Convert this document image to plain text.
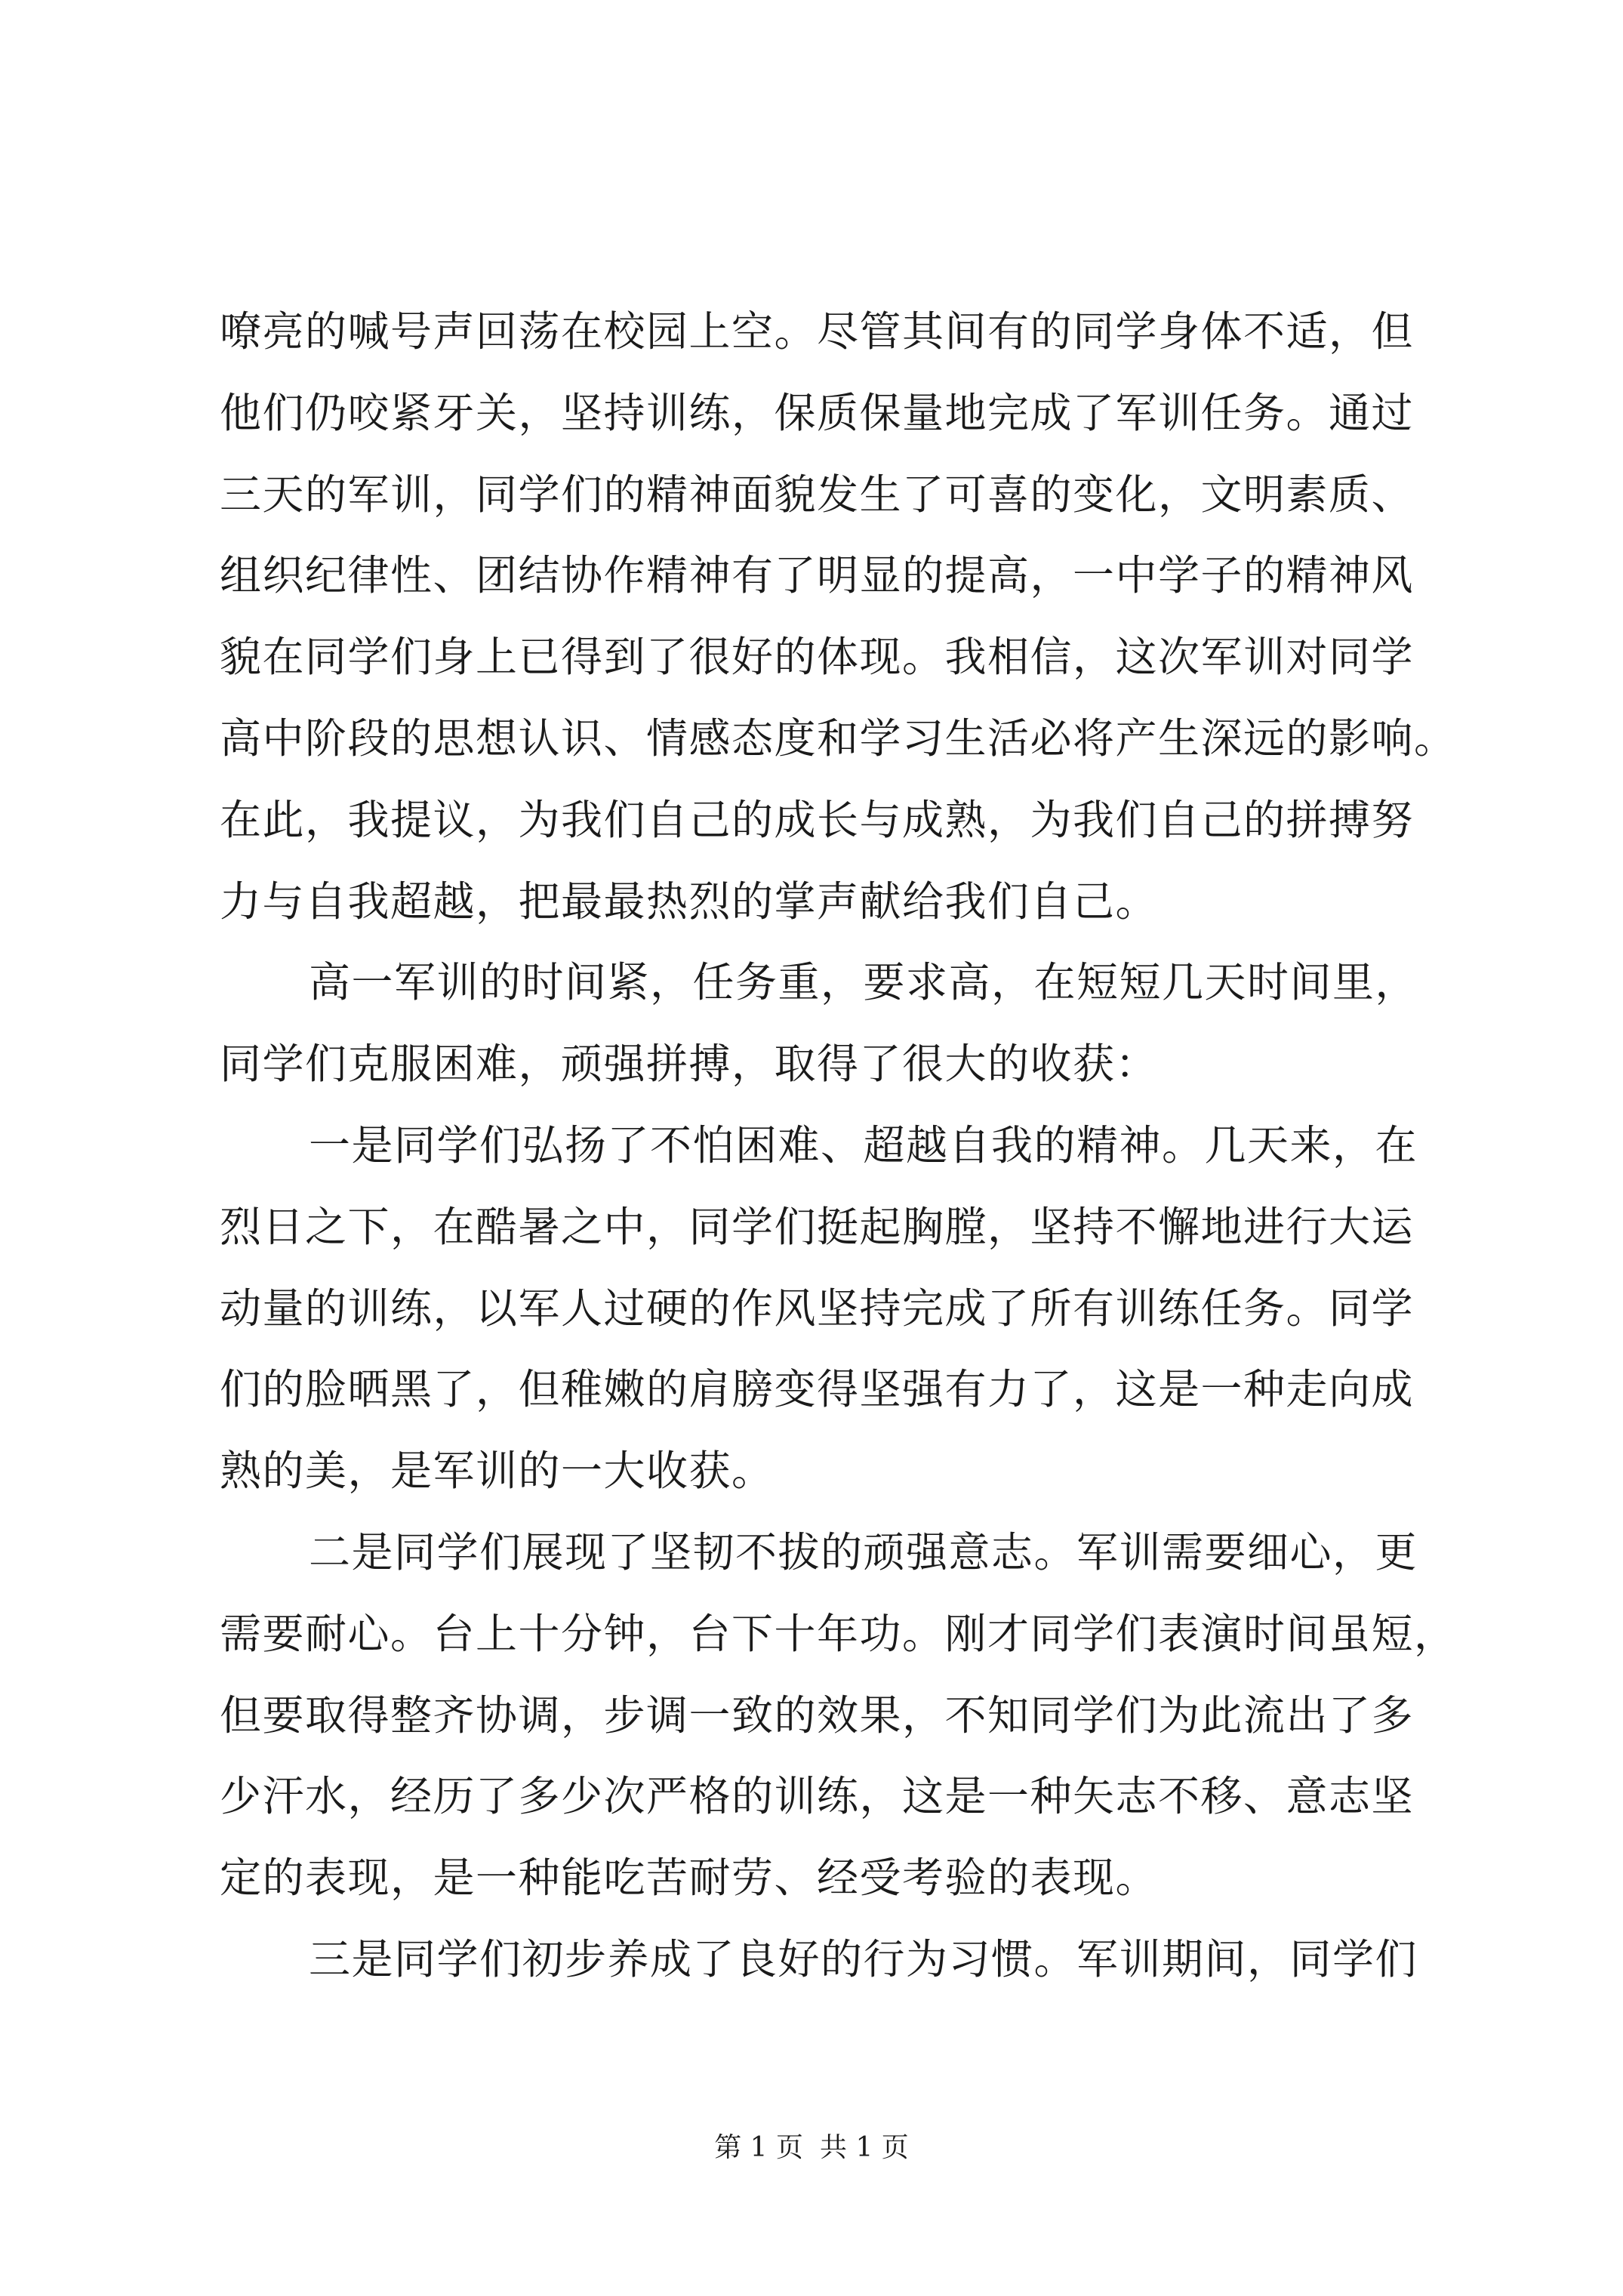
嘹亮的喊号声回荡在校园上空。尽管其间有的同学身体不适，但
他们仍咬紧牙关，坚持训练，保质保量地完成了军训任务。通过
三天的军训，同学们的精神面貌发生了可喜的变化，文明素质、
组织纪律性、团结协作精神有了明显的提高，一中学子的精神风
貌在同学们身上已得到了很好的体现。我相信，这次军训对同学
高中阶段的思想认识、情感态度和学习生活必将产生深远的影响。
在此，我提议，为我们自己的成长与成熟，为我们自己的拼搏努
力与自我超越，把最最热烈的掌声献给我们自己。
高一军训的时间紧，任务重，要求高，在短短几天时间里，
同学们克服困难，顽强拼搏，取得了很大的收获：
一是同学们弘扬了不怕困难、超越自我的精神。几天来，在
烈日之下，在酷暑之中，同学们挺起胸膛，坚持不懈地进行大运
动量的训练，以军人过硬的作风坚持完成了所有训练任务。同学
们的脸晒黑了，但稚嫩的肩膀变得坚强有力了，这是一种走向成
熟的美，是军训的一大收获。
二是同学们展现了坚韧不拔的顽强意志。军训需要细心，更
需要耐心。台上十分钟，台下十年功。刚才同学们表演时间虽短，
但要取得整齐协调，步调一致的效果，不知同学们为此流出了多
少汗水，经历了多少次严格的训练，这是一种矢志不移、意志坚
定的表现，是一种能吃苦耐劳、经受考验的表现。
三是同学们初步养成了良好的行为习惯。军训期间，同学们
第 1 页 共 1 页
